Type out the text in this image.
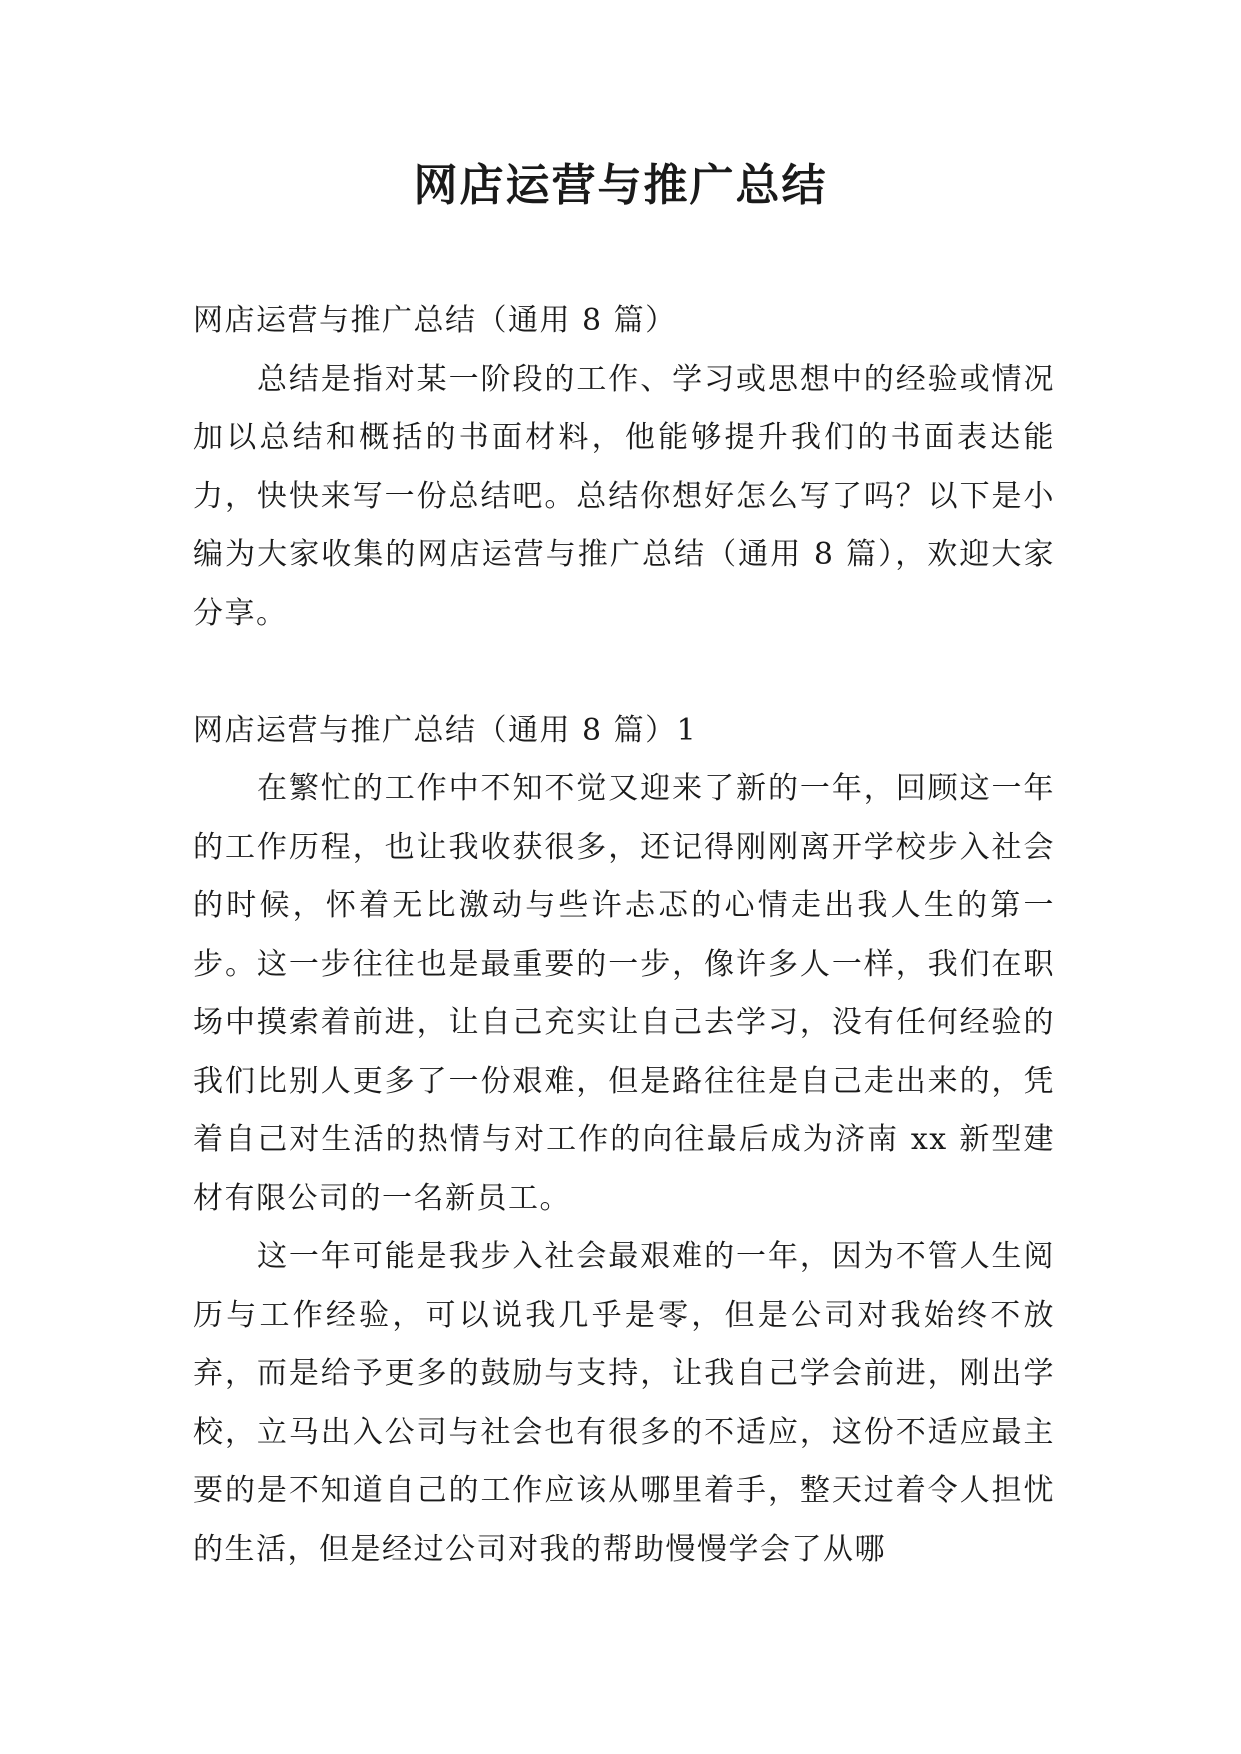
网店运营与推广总结

网店运营与推广总结（通用 8 篇）

总结是指对某一阶段的工作、学习或思想中的经验或情况加以总结和概括的书面材料，他能够提升我们的书面表达能力，快快来写一份总结吧。总结你想好怎么写了吗？以下是小编为大家收集的网店运营与推广总结（通用 8 篇），欢迎大家分享。

网店运营与推广总结（通用 8 篇）1

在繁忙的工作中不知不觉又迎来了新的一年，回顾这一年的工作历程，也让我收获很多，还记得刚刚离开学校步入社会的时候，怀着无比激动与些许忐忑的心情走出我人生的第一步。这一步往往也是最重要的一步，像许多人一样，我们在职场中摸索着前进，让自己充实让自己去学习，没有任何经验的我们比别人更多了一份艰难，但是路往往是自己走出来的，凭着自己对生活的热情与对工作的向往最后成为济南 xx 新型建材有限公司的一名新员工。

这一年可能是我步入社会最艰难的一年，因为不管人生阅历与工作经验，可以说我几乎是零，但是公司对我始终不放弃，而是给予更多的鼓励与支持，让我自己学会前进，刚出学校，立马出入公司与社会也有很多的不适应，这份不适应最主要的是不知道自己的工作应该从哪里着手，整天过着令人担忧的生活，但是经过公司对我的帮助慢慢学会了从哪
